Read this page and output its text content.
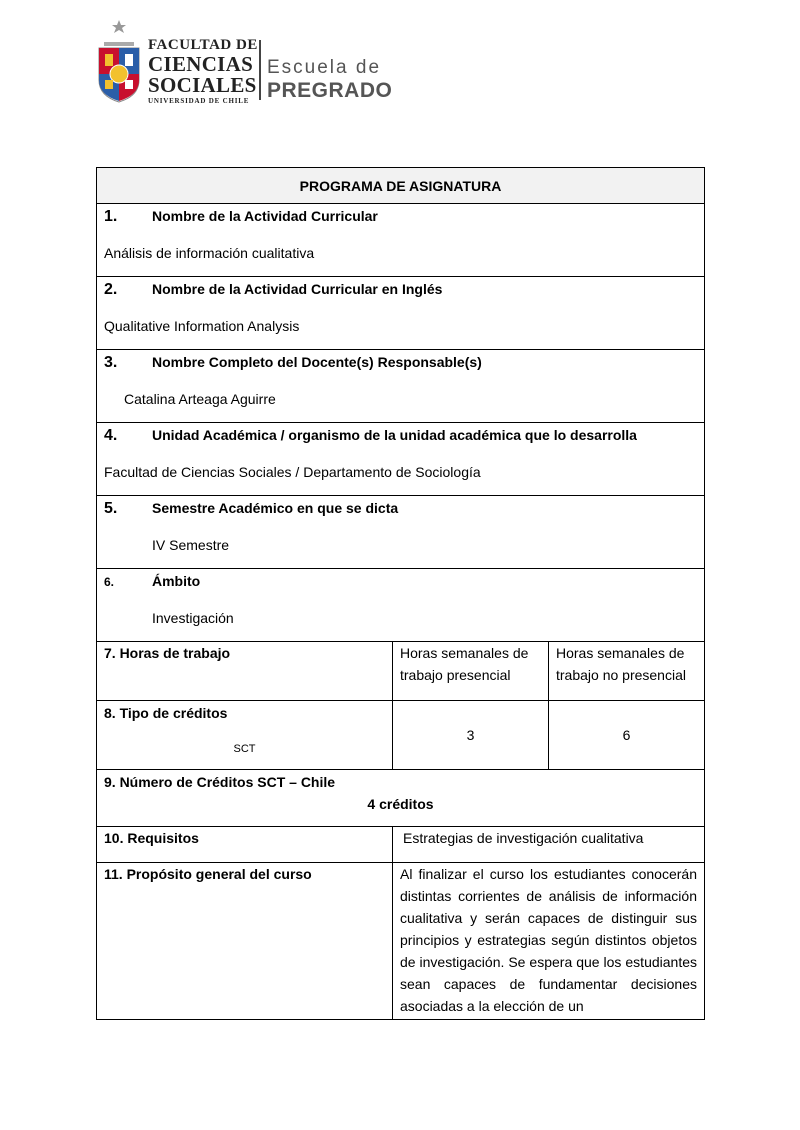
FACULTAD DE
CIENCIAS
SOCIALES
UNIVERSIDAD DE CHILE
Escuela de
PREGRADO
PROGRAMA DE ASIGNATURA		

1. Nombre de la Actividad Curricular
Análisis de información cualitativa		

2. Nombre de la Actividad Curricular en Inglés
Qualitative Information Analysis		

3. Nombre Completo del Docente(s) Responsable(s)
Catalina Arteaga Aguirre		

4. Unidad Académica / organismo de la unidad académica que lo desarrolla
Facultad de Ciencias Sociales / Departamento de Sociología		

5. Semestre Académico en que se dicta
IV Semestre		

6. Ámbito
Investigación		

7. Horas de trabajo	Horas semanales de trabajo presencial	Horas semanales de trabajo no presencial

8. Tipo de créditos
SCT	3	6

9. Número de Créditos SCT – Chile
4 créditos		

10. Requisitos	Estrategias de investigación cualitativa	
11. Propósito general del curso	Al finalizar el curso los estudiantes conocerán distintas corrientes de análisis de información cualitativa y serán capaces de distinguir sus principios y estrategias según distintos objetos de investigación. Se espera que los estudiantes sean capaces de fundamentar decisiones asociadas a la elección de un	
